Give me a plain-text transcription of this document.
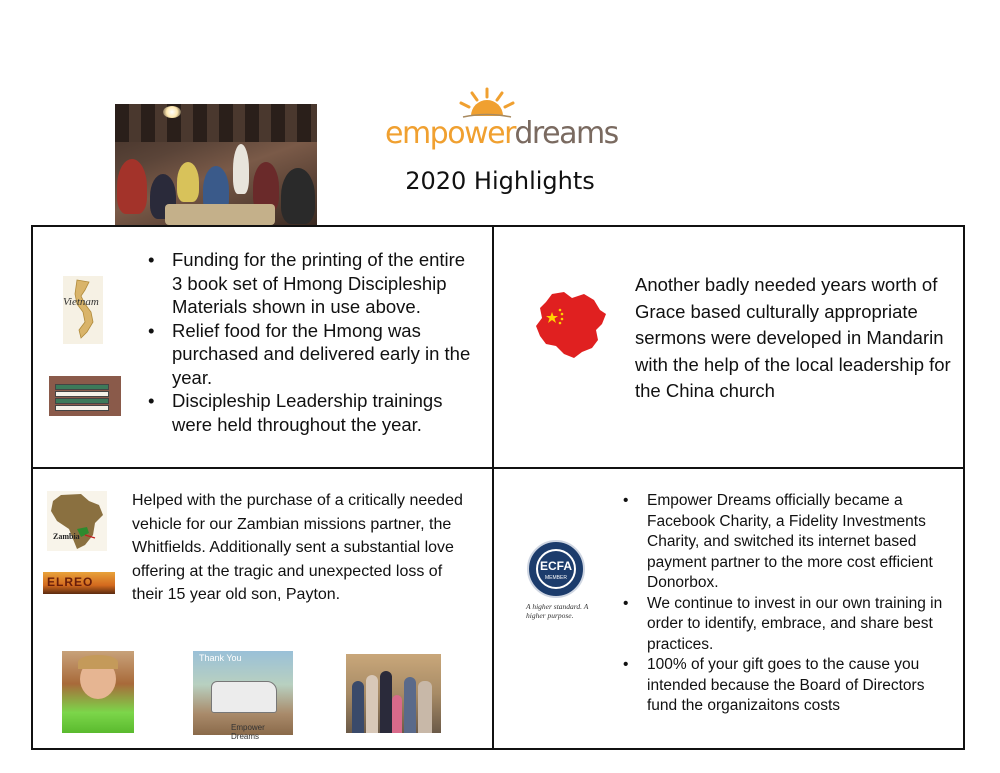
empowerdreams
2020 Highlights
Vietnam
• Funding for the printing of the entire 3 book set of Hmong Discipleship Materials shown in use above.
• Relief food for the Hmong was purchased and delivered early in the year.
• Discipleship Leadership trainings were held throughout the year.
Another badly needed years worth of Grace based culturally appropriate sermons were developed in Mandarin with the help of the local leadership for the China church
Zambia
ELREO
Helped with the purchase of a critically needed vehicle for our Zambian missions partner, the Whitfields. Additionally sent a substantial love offering at the tragic and unexpected loss of their 15 year old son, Payton.
Thank You
Empower Dreams
ECFA
MEMBER
A higher standard. A higher purpose.
• Empower Dreams officially became a Facebook Charity, a Fidelity Investments Charity, and switched its internet based payment partner to the more cost efficient Donorbox.
• We continue to invest in our own training in order to identify, embrace, and share best practices.
• 100% of your gift goes to the cause you intended because the Board of Directors fund the organizaitons costs
